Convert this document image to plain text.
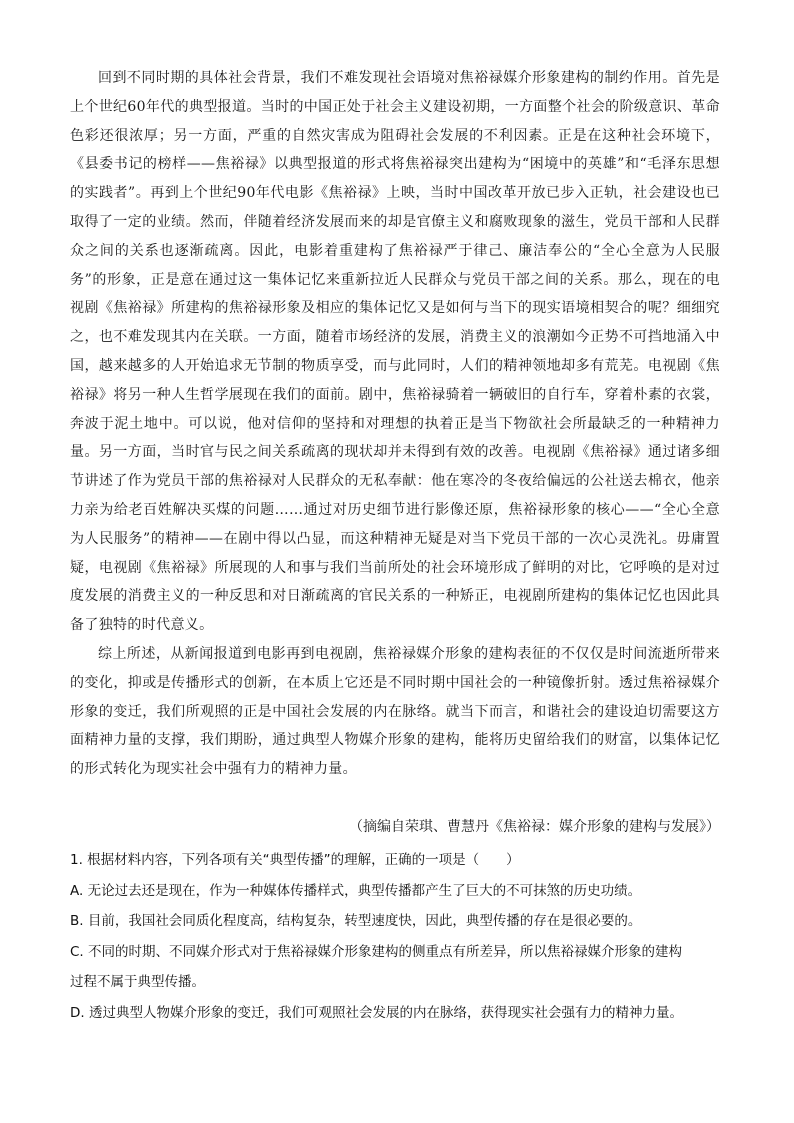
回到不同时期的具体社会背景，我们不难发现社会语境对焦裕禄媒介形象建构的制约作用。首先是上个世纪60年代的典型报道。当时的中国正处于社会主义建设初期，一方面整个社会的阶级意识、革命色彩还很浓厚；另一方面，严重的自然灾害成为阻碍社会发展的不利因素。正是在这种社会环境下，《县委书记的榜样——焦裕禄》以典型报道的形式将焦裕禄突出建构为“困境中的英雄”和“毛泽东思想的实践者”。再到上个世纪90年代电影《焦裕禄》上映，当时中国改革开放已步入正轨，社会建设也已取得了一定的业绩。然而，伴随着经济发展而来的却是官僚主义和腐败现象的滋生，党员干部和人民群众之间的关系也逐渐疏离。因此，电影着重建构了焦裕禄严于律己、廉洁奉公的“全心全意为人民服务”的形象，正是意在通过这一集体记忆来重新拉近人民群众与党员干部之间的关系。那么，现在的电视剧《焦裕禄》所建构的焦裕禄形象及相应的集体记忆又是如何与当下的现实语境相契合的呢？细细究之，也不难发现其内在关联。一方面，随着市场经济的发展，消费主义的浪潮如今正势不可挡地涌入中国，越来越多的人开始追求无节制的物质享受，而与此同时，人们的精神领地却多有荒芜。电视剧《焦裕禄》将另一种人生哲学展现在我们的面前。剧中，焦裕禄骑着一辆破旧的自行车，穿着朴素的衣裳，奔波于泥土地中。可以说，他对信仰的坚持和对理想的执着正是当下物欲社会所最缺乏的一种精神力量。另一方面，当时官与民之间关系疏离的现状却并未得到有效的改善。电视剧《焦裕禄》通过诸多细节讲述了作为党员干部的焦裕禄对人民群众的无私奉献：他在寒冷的冬夜给偏远的公社送去棉衣，他亲力亲为给老百姓解决买煤的问题……通过对历史细节进行影像还原，焦裕禄形象的核心——“全心全意为人民服务”的精神——在剧中得以凸显，而这种精神无疑是对当下党员干部的一次心灵洗礼。毋庸置疑，电视剧《焦裕禄》所展现的人和事与我们当前所处的社会环境形成了鲜明的对比，它呼唤的是对过度发展的消费主义的一种反思和对日渐疏离的官民关系的一种矫正，电视剧所建构的集体记忆也因此具备了独特的时代意义。

综上所述，从新闻报道到电影再到电视剧，焦裕禄媒介形象的建构表征的不仅仅是时间流逝所带来的变化，抑或是传播形式的创新，在本质上它还是不同时期中国社会的一种镜像折射。透过焦裕禄媒介形象的变迁，我们所观照的正是中国社会发展的内在脉络。就当下而言，和谐社会的建设迫切需要这方面精神力量的支撑，我们期盼，通过典型人物媒介形象的建构，能将历史留给我们的财富，以集体记忆的形式转化为现实社会中强有力的精神力量。

（摘编自荣琪、曹慧丹《焦裕禄：媒介形象的建构与发展》）
1. 根据材料内容，下列各项有关“典型传播”的理解，正确的一项是（　　）
A. 无论过去还是现在，作为一种媒体传播样式，典型传播都产生了巨大的不可抹煞的历史功绩。
B. 目前，我国社会同质化程度高，结构复杂，转型速度快，因此，典型传播的存在是很必要的。
C. 不同的时期、不同媒介形式对于焦裕禄媒介形象建构的侧重点有所差异，所以焦裕禄媒介形象的建构
过程不属于典型传播。
D. 透过典型人物媒介形象的变迁，我们可观照社会发展的内在脉络，获得现实社会强有力的精神力量。
